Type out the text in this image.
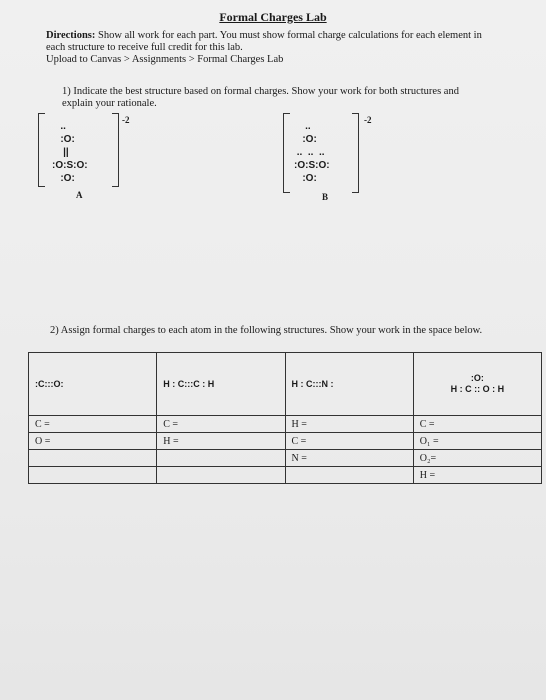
Formal Charges Lab
Directions: Show all work for each part. You must show formal charge calculations for each element in each structure to receive full credit for this lab.
Upload to Canvas > Assignments > Formal Charges Lab
1) Indicate the best structure based on formal charges. Show your work for both structures and explain your rationale.
-2
..
:O:
||
:O:S:O:
:O:
A
-2
..
:O:
..  ..  ..
:O:S:O:
:O:
B
2) Assign formal charges to each atom in the following structures. Show your work in the space below.
:C:::O:	H : C:::C : H	H : C:::N :	:O:
H : C :: O : H
C =	C =	H =	C =
O =	H =	C =	O₁ =
		N =	O₂=
			H =
